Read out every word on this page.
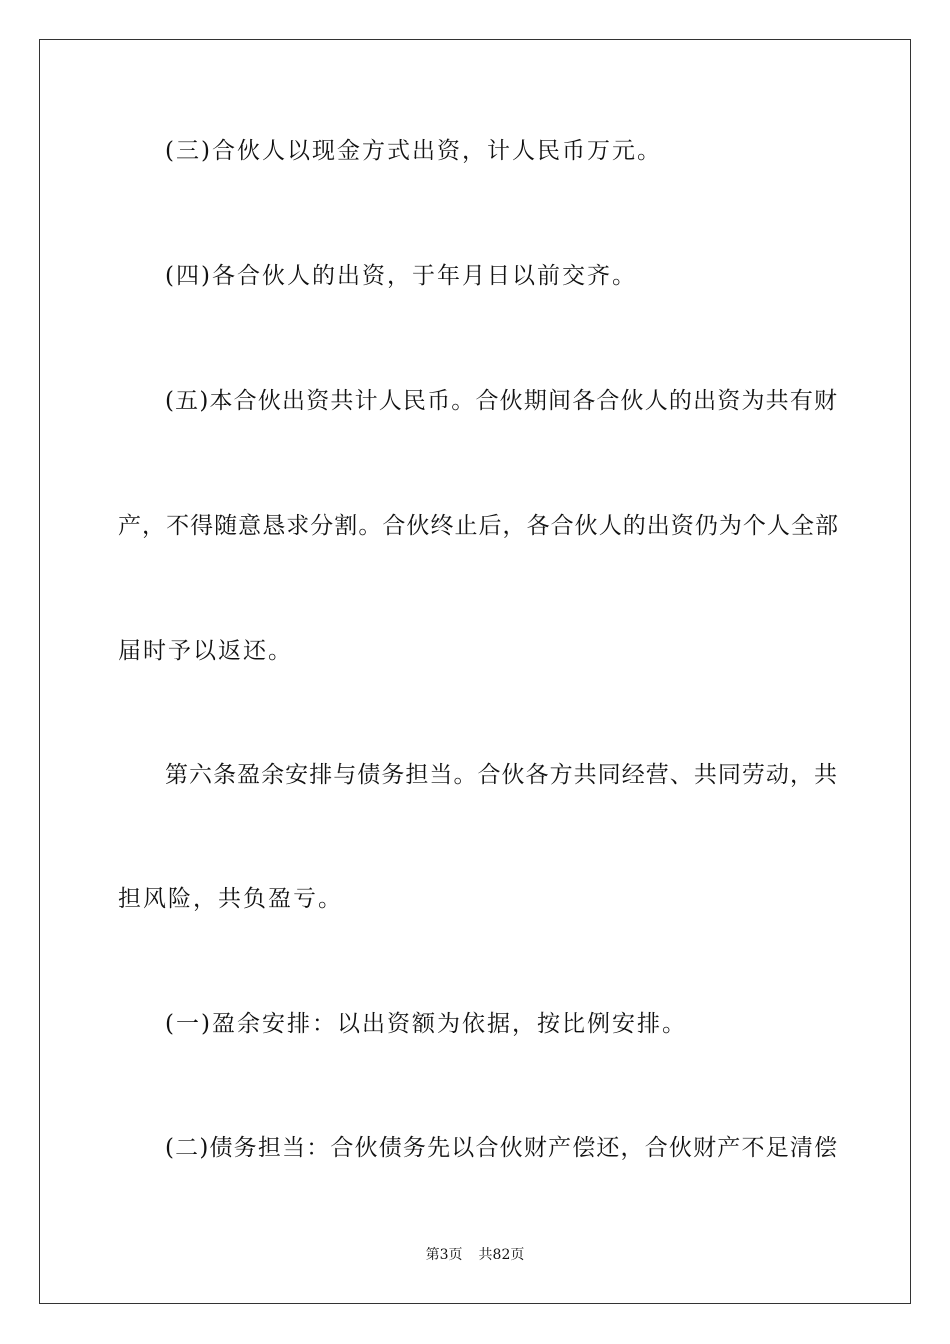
(三)合伙人以现金方式出资，计人民币万元。
(四)各合伙人的出资，于年月日以前交齐。
(五)本合伙出资共计人民币。合伙期间各合伙人的出资为共有财
产，不得随意恳求分割。合伙终止后，各合伙人的出资仍为个人全部
届时予以返还。
第六条盈余安排与债务担当。合伙各方共同经营、共同劳动，共
担风险，共负盈亏。
(一)盈余安排：以出资额为依据，按比例安排。
(二)债务担当：合伙债务先以合伙财产偿还，合伙财产不足清偿
第3页 共82页
